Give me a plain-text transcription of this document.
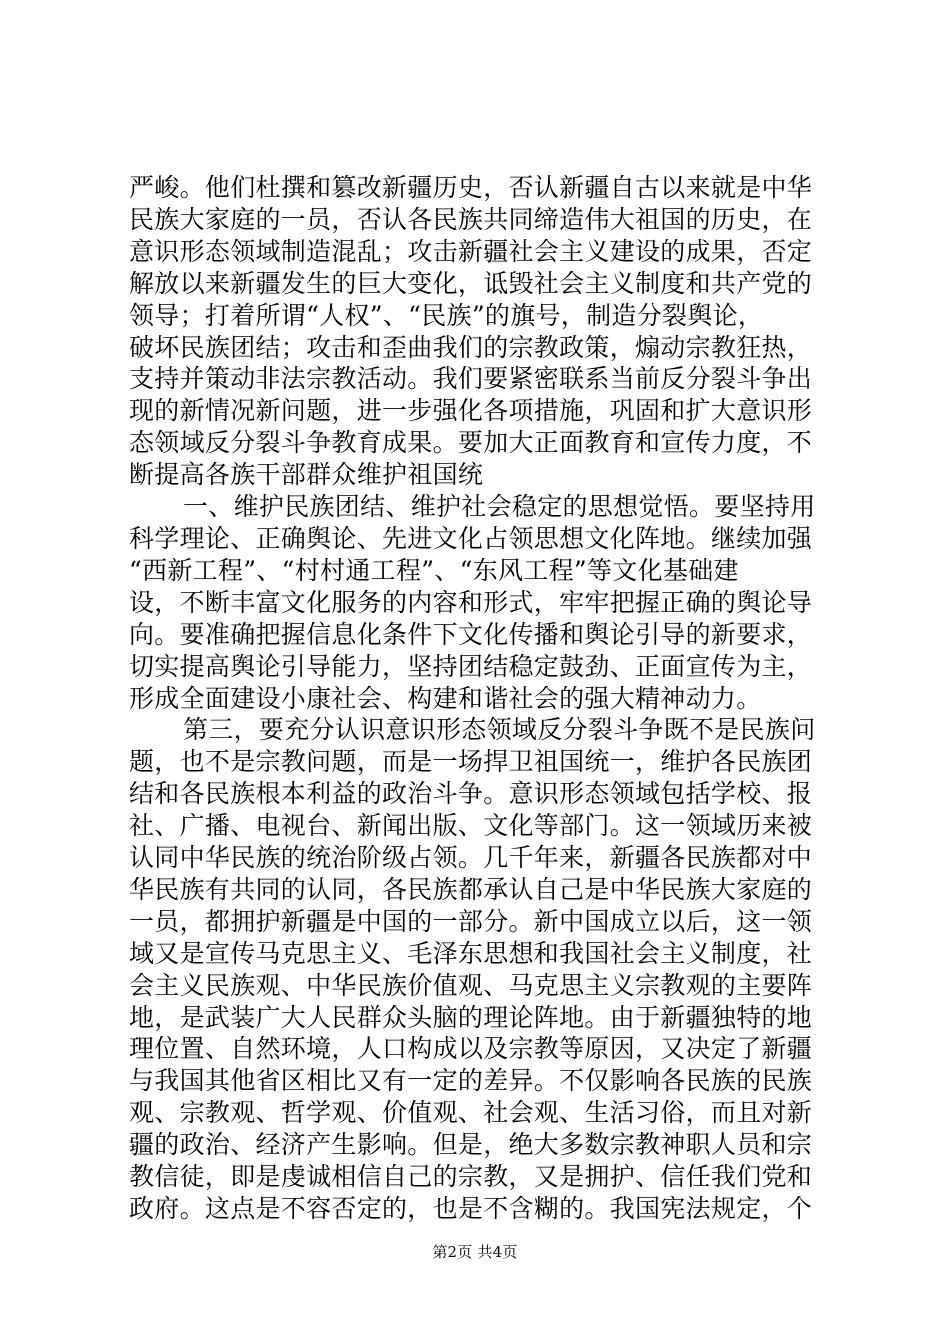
严峻。他们杜撰和篡改新疆历史，否认新疆自古以来就是中华
民族大家庭的一员，否认各民族共同缔造伟大祖国的历史，在
意识形态领域制造混乱；攻击新疆社会主义建设的成果，否定
解放以来新疆发生的巨大变化，诋毁社会主义制度和共产党的
领导；打着所谓“人权”、“民族”的旗号，制造分裂舆论，
破坏民族团结；攻击和歪曲我们的宗教政策，煽动宗教狂热，
支持并策动非法宗教活动。我们要紧密联系当前反分裂斗争出
现的新情况新问题，进一步强化各项措施，巩固和扩大意识形
态领域反分裂斗争教育成果。要加大正面教育和宣传力度，不
断提高各族干部群众维护祖国统
一、维护民族团结、维护社会稳定的思想觉悟。要坚持用
科学理论、正确舆论、先进文化占领思想文化阵地。继续加强
“西新工程”、“村村通工程”、“东风工程”等文化基础建
设，不断丰富文化服务的内容和形式，牢牢把握正确的舆论导
向。要准确把握信息化条件下文化传播和舆论引导的新要求，
切实提高舆论引导能力，坚持团结稳定鼓劲、正面宣传为主，
形成全面建设小康社会、构建和谐社会的强大精神动力。
第三，要充分认识意识形态领域反分裂斗争既不是民族问
题，也不是宗教问题，而是一场捍卫祖国统一，维护各民族团
结和各民族根本利益的政治斗争。意识形态领域包括学校、报
社、广播、电视台、新闻出版、文化等部门。这一领域历来被
认同中华民族的统治阶级占领。几千年来，新疆各民族都对中
华民族有共同的认同，各民族都承认自己是中华民族大家庭的
一员，都拥护新疆是中国的一部分。新中国成立以后，这一领
域又是宣传马克思主义、毛泽东思想和我国社会主义制度，社
会主义民族观、中华民族价值观、马克思主义宗教观的主要阵
地，是武装广大人民群众头脑的理论阵地。由于新疆独特的地
理位置、自然环境，人口构成以及宗教等原因，又决定了新疆
与我国其他省区相比又有一定的差异。不仅影响各民族的民族
观、宗教观、哲学观、价值观、社会观、生活习俗，而且对新
疆的政治、经济产生影响。但是，绝大多数宗教神职人员和宗
教信徒，即是虔诚相信自己的宗教，又是拥护、信任我们党和
政府。这点是不容否定的，也是不含糊的。我国宪法规定，个
第2页 共4页
